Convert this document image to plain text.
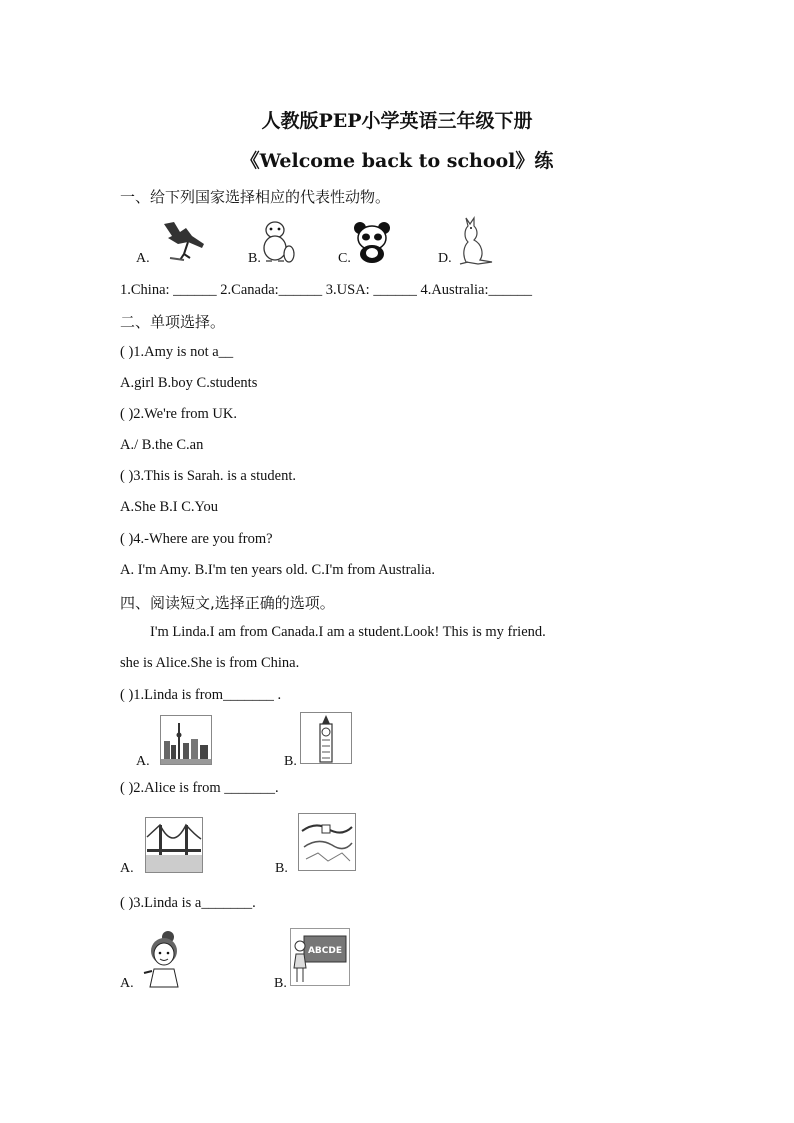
人教版PEP小学英语三年级下册
《Welcome back to school》练
一、给下列国家选择相应的代表性动物。
A.	B.	C.	D.
1.China: ______ 2.Canada:______ 3.USA: ______ 4.Australia:______
二、单项选择。
( )1.Amy is not a__
A.girl B.boy C.students
( )2.We're from UK.
A./ B.the C.an
( )3.This is Sarah. is a student.
A.She B.I C.You
( )4.-Where are you from?
A. I'm Amy. B.I'm ten years old. C.I'm from Australia.
四、阅读短文,选择正确的选项。
I'm Linda.I am from Canada.I am a student.Look! This is my friend.
she is Alice.She is from China.
( )1.Linda is from_______ .
A.	B.
( )2.Alice is from _______.
A.	B.
( )3.Linda is a_______.
A.	B.
ABCDE
